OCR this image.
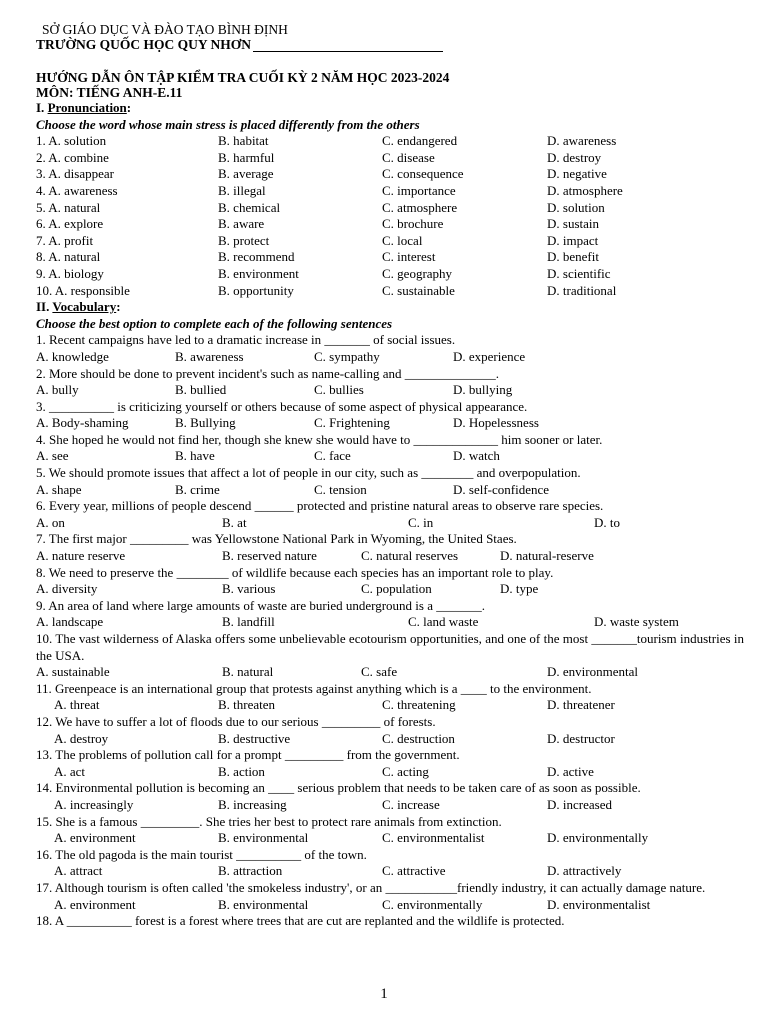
SỞ GIÁO DỤC VÀ ĐÀO TẠO BÌNH ĐỊNH
TRƯỜNG QUỐC HỌC QUY NHƠN
HƯỚNG DẪN ÔN TẬP KIỂM TRA CUỐI KỲ 2 NĂM HỌC 2023-2024
MÔN: TIẾNG ANH-E.11
I. Pronunciation:
Choose the word whose main stress is placed differently from the others
1. A. solution	B. habitat	C. endangered	D. awareness
2. A. combine	B. harmful	C. disease	D. destroy
3. A. disappear	B. average	C. consequence	D. negative
4. A. awareness	B. illegal	C. importance	D. atmosphere
5. A. natural	B. chemical	C. atmosphere	D. solution
6. A. explore	B. aware	C. brochure	D. sustain
7. A. profit	B. protect	C. local	D. impact
8. A. natural	B. recommend	C. interest	D. benefit
9. A. biology	B. environment	C. geography	D. scientific
10. A. responsible	B. opportunity	C. sustainable	D. traditional
II. Vocabulary:
Choose the best option to complete each of the following sentences
1. Recent campaigns have led to a dramatic increase in _______ of social issues.
A. knowledge	B. awareness	C. sympathy	D. experience
2. More should be done to prevent incident's such as name-calling and ______________.
A. bully	B. bullied	C. bullies	D. bullying
3. __________ is criticizing yourself or others because of some aspect of physical appearance.
A. Body-shaming	B. Bullying	C. Frightening	D. Hopelessness
4. She hoped he would not find her, though she knew she would have to _____________ him sooner or later.
A. see	B. have	C. face	D. watch
5. We should promote issues that affect a lot of people in our city, such as ________ and overpopulation.
A. shape	B. crime	C. tension	D. self-confidence
6. Every year, millions of people descend ______ protected and pristine natural areas to observe rare species.
A. on	B. at	C. in	D. to
7. The first major _________ was Yellowstone National Park in Wyoming, the United Staes.
A. nature reserve	B. reserved nature	C. natural reserves	D. natural-reserve
8. We need to preserve the ________ of wildlife because each species has an important role to play.
A. diversity	B. various	C. population	D. type
9. An area of land where large amounts of waste are buried underground is a _______.
A. landscape	B. landfill	C. land waste	D. waste system
10. The vast wilderness of Alaska offers some unbelievable ecotourism opportunities, and one of the most _______tourism industries in the USA.
A. sustainable	B. natural	C. safe	D. environmental
11. Greenpeace is an international group that protests against anything which is a ____ to the environment.
A. threat	B. threaten	C. threatening	D. threatener
12. We have to suffer a lot of floods due to our serious _________ of forests.
A. destroy	B. destructive	C. destruction	D. destructor
13. The problems of pollution call for a prompt _________ from the government.
A. act	B. action	C. acting	D. active
14. Environmental pollution is becoming an ____ serious problem that needs to be taken care of as soon as possible.
A. increasingly	B. increasing	C. increase	D. increased
15. She is a famous _________. She tries her best to protect rare animals from extinction.
A. environment	B. environmental	C. environmentalist	D. environmentally
16. The old pagoda is the main tourist __________ of the town.
A. attract	B. attraction	C. attractive	D. attractively
17. Although tourism is often called 'the smokeless industry', or an ___________friendly industry, it can actually damage nature.
A. environment	B. environmental	C. environmentally	D. environmentalist
18. A __________ forest is a forest where trees that are cut are replanted and the wildlife is protected.
1
